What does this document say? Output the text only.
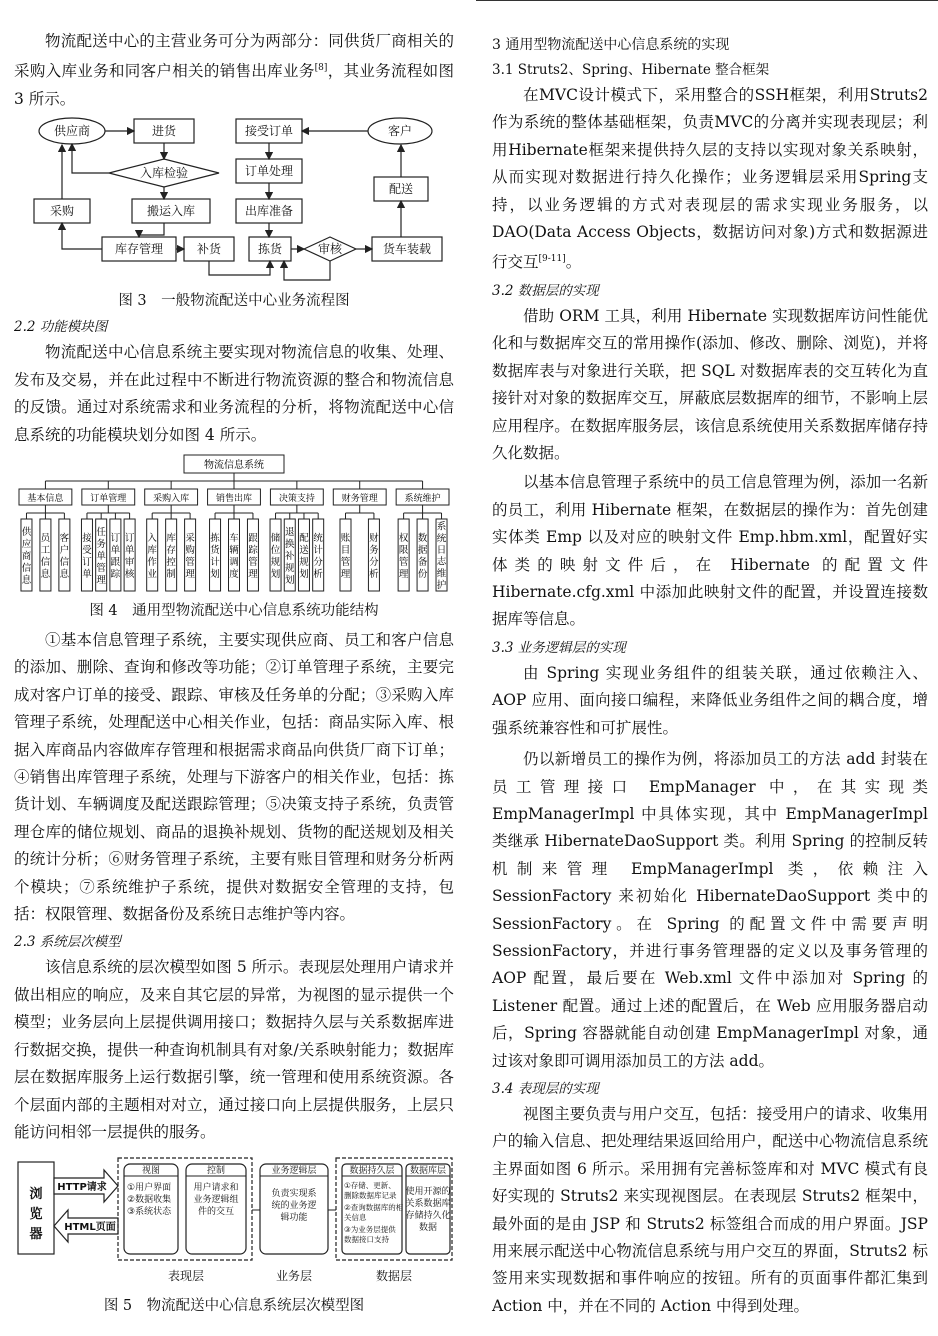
物流配送中心的主营业务可分为两部分：同供货厂商相关的采购入库业务和同客户相关的销售出库业务[8]，其业务流程如图 3 所示。

供应商	进货
入库检验
采购	搬运入库
库存管理	补货
接受订单
订单处理
出库准备
拣货	审核	货车装载
客户
配送
图 3　一般物流配送中心业务流程图
2.2 功能模块图

物流配送中心信息系统主要实现对物流信息的收集、处理、发布及交易，并在此过程中不断进行物流资源的整合和物流信息的反馈。通过对系统需求和业务流程的分析，将物流配送中心信息系统的功能模块划分如图 4 所示。

物流信息系统
基本信息
供应商信息
员工信息
客户信息
订单管理
接受订单
任务单管理
订单跟踪
订单审核
采购入库
入库作业
库存控制
采购管理
销售出库
拣货计划
车辆调度
跟踪管理
决策支持
储位规划
退换补规划
配送规划
统计分析
财务管理
账目管理
财务分析
系统维护
权限管理
数据备份
系统日志维护
图 4　通用型物流配送中心信息系统功能结构

①基本信息管理子系统，主要实现供应商、员工和客户信息的添加、删除、查询和修改等功能；②订单管理子系统，主要完成对客户订单的接受、跟踪、审核及任务单的分配；③采购入库管理子系统，处理配送中心相关作业，包括：商品实际入库、根据入库商品内容做库存管理和根据需求商品向供货厂商下订单；④销售出库管理子系统，处理与下游客户的相关作业，包括：拣货计划、车辆调度及配送跟踪管理；⑤决策支持子系统，负责管理仓库的储位规划、商品的退换补规划、货物的配送规划及相关的统计分析；⑥财务管理子系统，主要有账目管理和财务分析两个模块；⑦系统维护子系统，提供对数据安全管理的支持，包括：权限管理、数据备份及系统日志维护等内容。

2.3 系统层次模型

该信息系统的层次模型如图 5 所示。表现层处理用户请求并做出相应的响应，及来自其它层的异常，为视图的显示提供一个模型；业务层向上层提供调用接口；数据持久层与关系数据库进行数据交换，提供一种查询机制具有对象/关系映射能力；数据库层在数据库服务上运行数据引擎，统一管理和使用系统资源。各个层面内部的主题相对对立，通过接口向上层提供服务，上层只能访问相邻一层提供的服务。

浏
览
器
HTTP请求
HTML页面
视图
①用户界面
②数据收集
③系统状态
控制
用户请求和
业务逻辑组
件的交互
业务逻辑层
负责实现系
统的业务逻
辑功能
数据持久层 数据库层
使用开源的
关系数据库
存储持久化
数据
①存储、更新、
删除数据库记录
②查询数据库的相
关信息
③为业务层提供
数据接口支持
表现层	业务层	数据层
图 5　物流配送中心信息系统层次模型图
3 通用型物流配送中心信息系统的实现
3.1 Struts2、Spring、Hibernate 整合框架

在MVC设计模式下，采用整合的SSH框架，利用Struts2作为系统的整体基础框架，负责MVC的分离并实现表现层；利用Hibernate框架来提供持久层的支持以实现对象关系映射，从而实现对数据进行持久化操作；业务逻辑层采用Spring支持，以业务逻辑的方式对表现层的需求实现业务服务，以DAO(Data Access Objects，数据访问对象)方式和数据源进行交互[9-11]。

3.2 数据层的实现

借助 ORM 工具，利用 Hibernate 实现数据库访问性能优化和与数据库交互的常用操作(添加、修改、删除、浏览)，并将数据库表与对象进行关联，把 SQL 对数据库表的交互转化为直接针对对象的数据库交互，屏蔽底层数据库的细节，不影响上层应用程序。在数据库服务层，该信息系统使用关系数据库储存持久化数据。

以基本信息管理子系统中的员工信息管理为例，添加一名新的员工，利用 Hibernate 框架，在数据层的操作为：首先创建实体类 Emp 以及对应的映射文件 Emp.hbm.xml，配置好实体类的映射文件后，在 Hibernate 的配置文件 Hibernate.cfg.xml 中添加此映射文件的配置，并设置连接数据库等信息。

3.3 业务逻辑层的实现

由 Spring 实现业务组件的组装关联，通过依赖注入、AOP 应用、面向接口编程，来降低业务组件之间的耦合度，增强系统兼容性和可扩展性。

仍以新增员工的操作为例，将添加员工的方法 add 封装在员工管理接口 EmpManager 中，在其实现类 EmpManagerImpl 中具体实现，其中 EmpManagerImpl 类继承 HibernateDaoSupport 类。利用 Spring 的控制反转机制来管理 EmpManagerImpl 类，依赖注入 SessionFactory 来初始化 HibernateDaoSupport 类中的 SessionFactory。在 Spring 的配置文件中需要声明 SessionFactory，并进行事务管理器的定义以及事务管理的 AOP 配置，最后要在 Web.xml 文件中添加对 Spring 的 Listener 配置。通过上述的配置后，在 Web 应用服务器启动后，Spring 容器就能自动创建 EmpManagerImpl 对象，通过该对象即可调用添加员工的方法 add。

3.4 表现层的实现

视图主要负责与用户交互，包括：接受用户的请求、收集用户的输入信息、把处理结果返回给用户，配送中心物流信息系统主界面如图 6 所示。采用拥有完善标签库和对 MVC 模式有良好实现的 Struts2 来实现视图层。在表现层 Struts2 框架中，最外面的是由 JSP 和 Struts2 标签组合而成的用户界面。JSP 用来展示配送中心物流信息系统与用户交互的界面，Struts2 标签用来实现数据和事件响应的按钮。所有的页面事件都汇集到 Action 中，并在不同的 Action 中得到处理。
